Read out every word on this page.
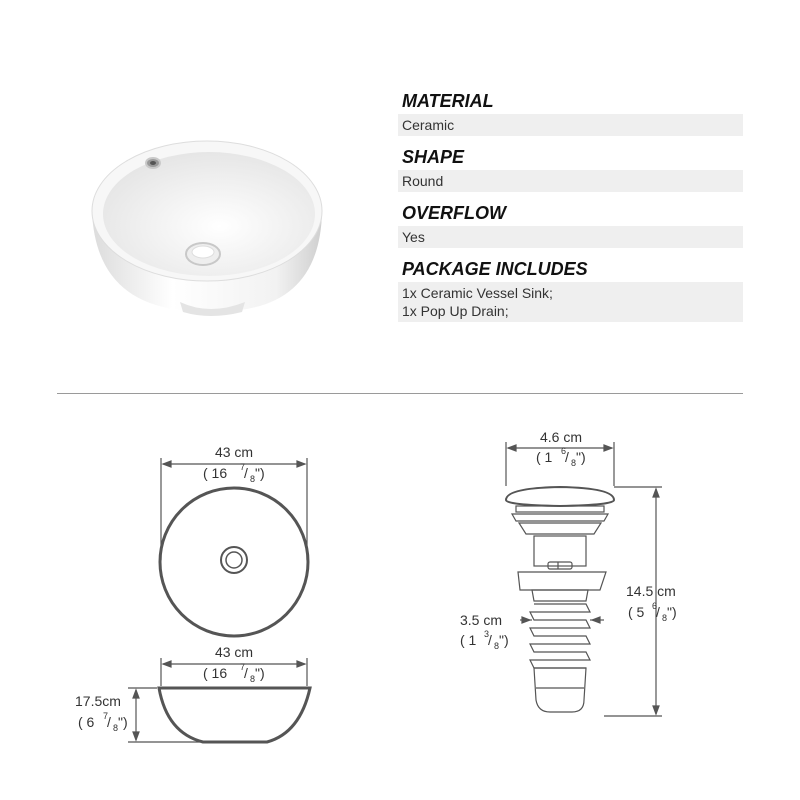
MATERIAL
Ceramic
SHAPE
Round
OVERFLOW
Yes
PACKAGE INCLUDES
1x Ceramic Vessel Sink;
1x Pop Up Drain;
43 cm
( 16 7
/ 8 ")
43 cm
( 16 7
/ 8 ")
17.5cm
( 6 7
/ 8 ")
4.6 cm
( 1 6
/ 8 ")
3.5 cm
( 1 3
/ 8 ")
14.5 cm
( 5 6
/ 8 ")
